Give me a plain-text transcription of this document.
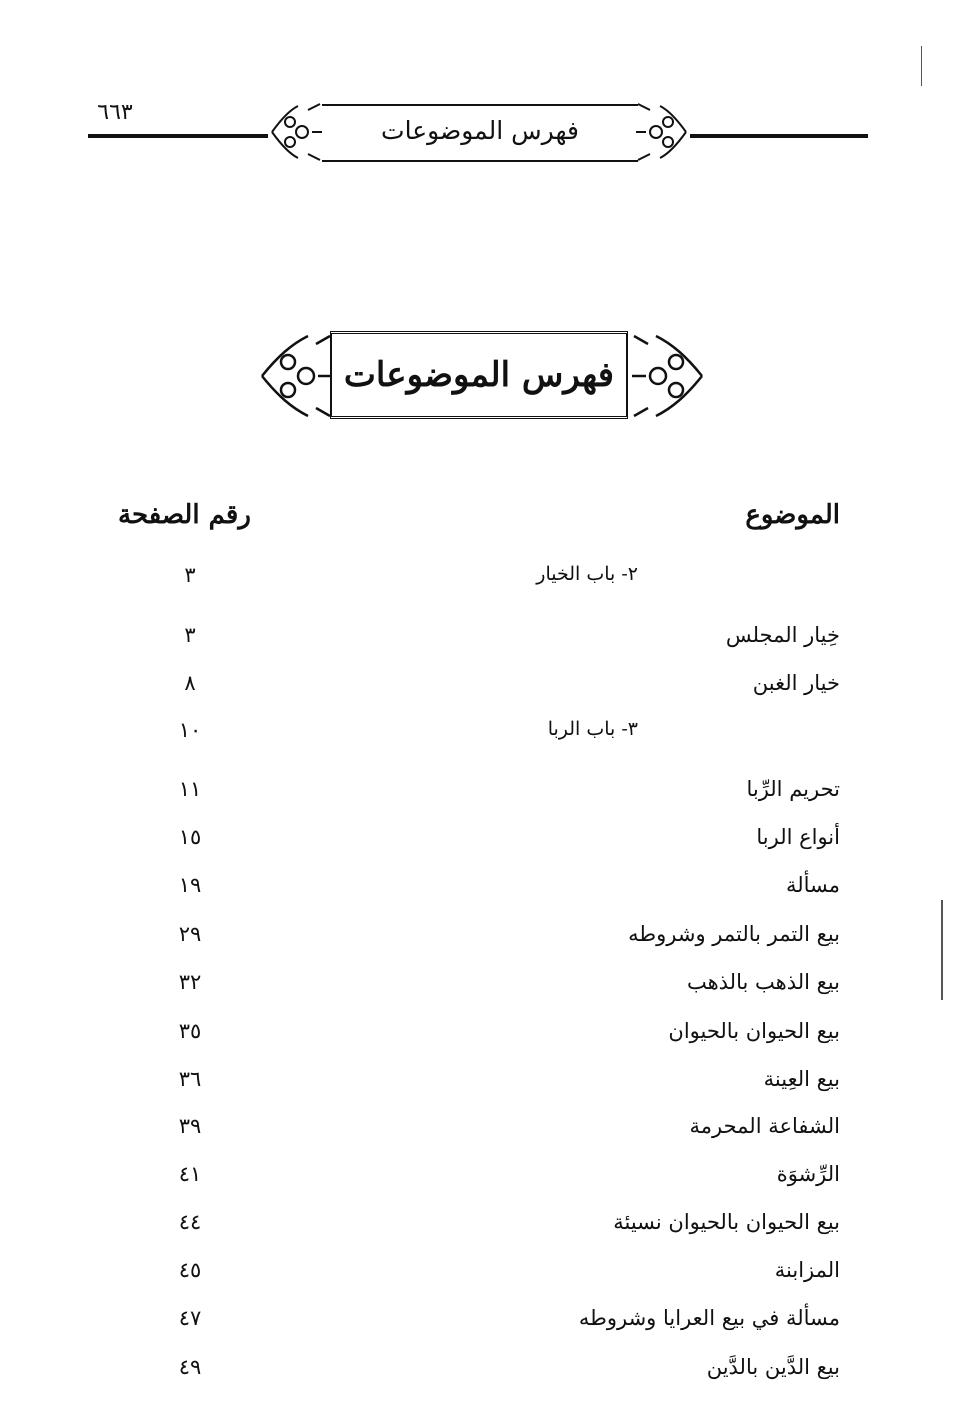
٦٦٣
فهرس الموضوعات
فهرس الموضوعات
الموضوع
رقم الصفحة
٢- باب الخيار
٣
خِيار المجلس
٣
خيار الغبن
٨
٣- باب الربا
١٠
تحريم الرِّبا
١١
أنواع الربا
١٥
مسألة
١٩
بيع التمر بالتمر وشروطه
٢٩
بيع الذهب بالذهب
٣٢
بيع الحيوان بالحيوان
٣٥
بيع العِينة
٣٦
الشفاعة المحرمة
٣٩
الرِّشوَة
٤١
بيع الحيوان بالحيوان نسيئة
٤٤
المزابنة
٤٥
مسألة في بيع العرايا وشروطه
٤٧
بيع الدَّين بالدَّين
٤٩
